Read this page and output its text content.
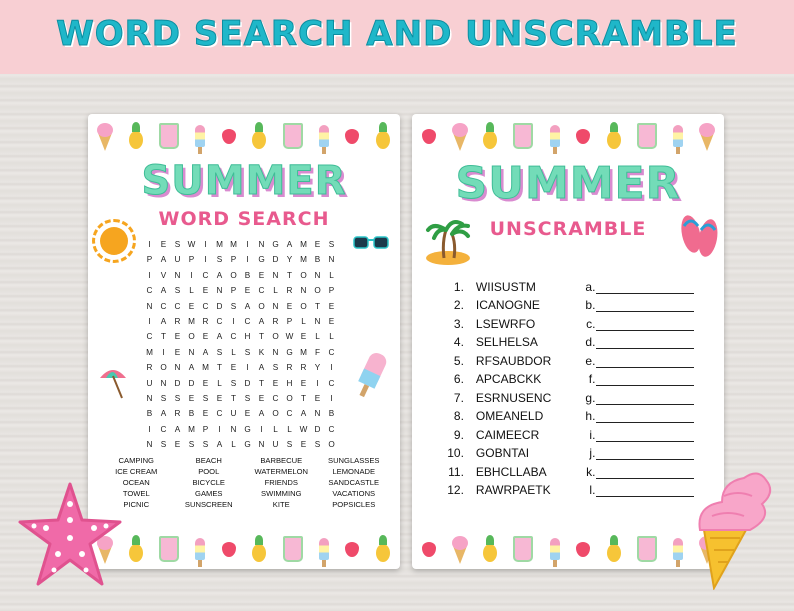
WORD SEARCH AND UNSCRAMBLE
SUMMER
WORD SEARCH
I	E	S W	I	M M	I	N G A M E	S
P	A	U	P	I	S	P	I	G D	Y M B	N
I	V	N	I	C	A O B	E	N	T	O N	L
C	A	S	L	E	N	P	E	C	L	R N O P
N C C	E	C D	S	A O N	E O	T	E
I	A	R M R C	I	C	A	R	P	L	N	E
C	T	E O E	A	C H	T	O W E	L	L
M	I	E	N	A	S	L	S	K	N G M F	C
R O N	A M T	E	I	A	S	R R	Y	I
U N D D	E	L	S	D	T	E	H	E	I	C
N	S	S	E	S	E	T	S	E	C O	T	E	I
B	A	R	B	E	C U	E	A O C	A	N	B
I	C	A M P	I	N G	I	L	L W D C
N	S	E	S	S	A	L	G N U	S	E	S O
CAMPING	BEACH	BARBECUE	SUNGLASSES
ICE CREAM	POOL	WATERMELON	LEMONADE
OCEAN	BICYCLE	FRIENDS	SANDCASTLE
TOWEL	GAMES	SWIMMING	VACATIONS
PICNIC	SUNSCREEN	KITE	POPSICLES
SUMMER
UNSCRAMBLE
1. WIISUSTM	a.
2. ICANOGNE	b.
3. LSEWRFO	c.
4. SELHELSA	d.
5. RFSAUBDOR	e.
6. APCABCKK	f.
7. ESRNUSENC	g.
8. OMEANELD	h.
9. CAIMEECR	i.
10. GOBNTAI	j.
11. EBHCLLABA	k.
12. RAWRPAETK	l.
